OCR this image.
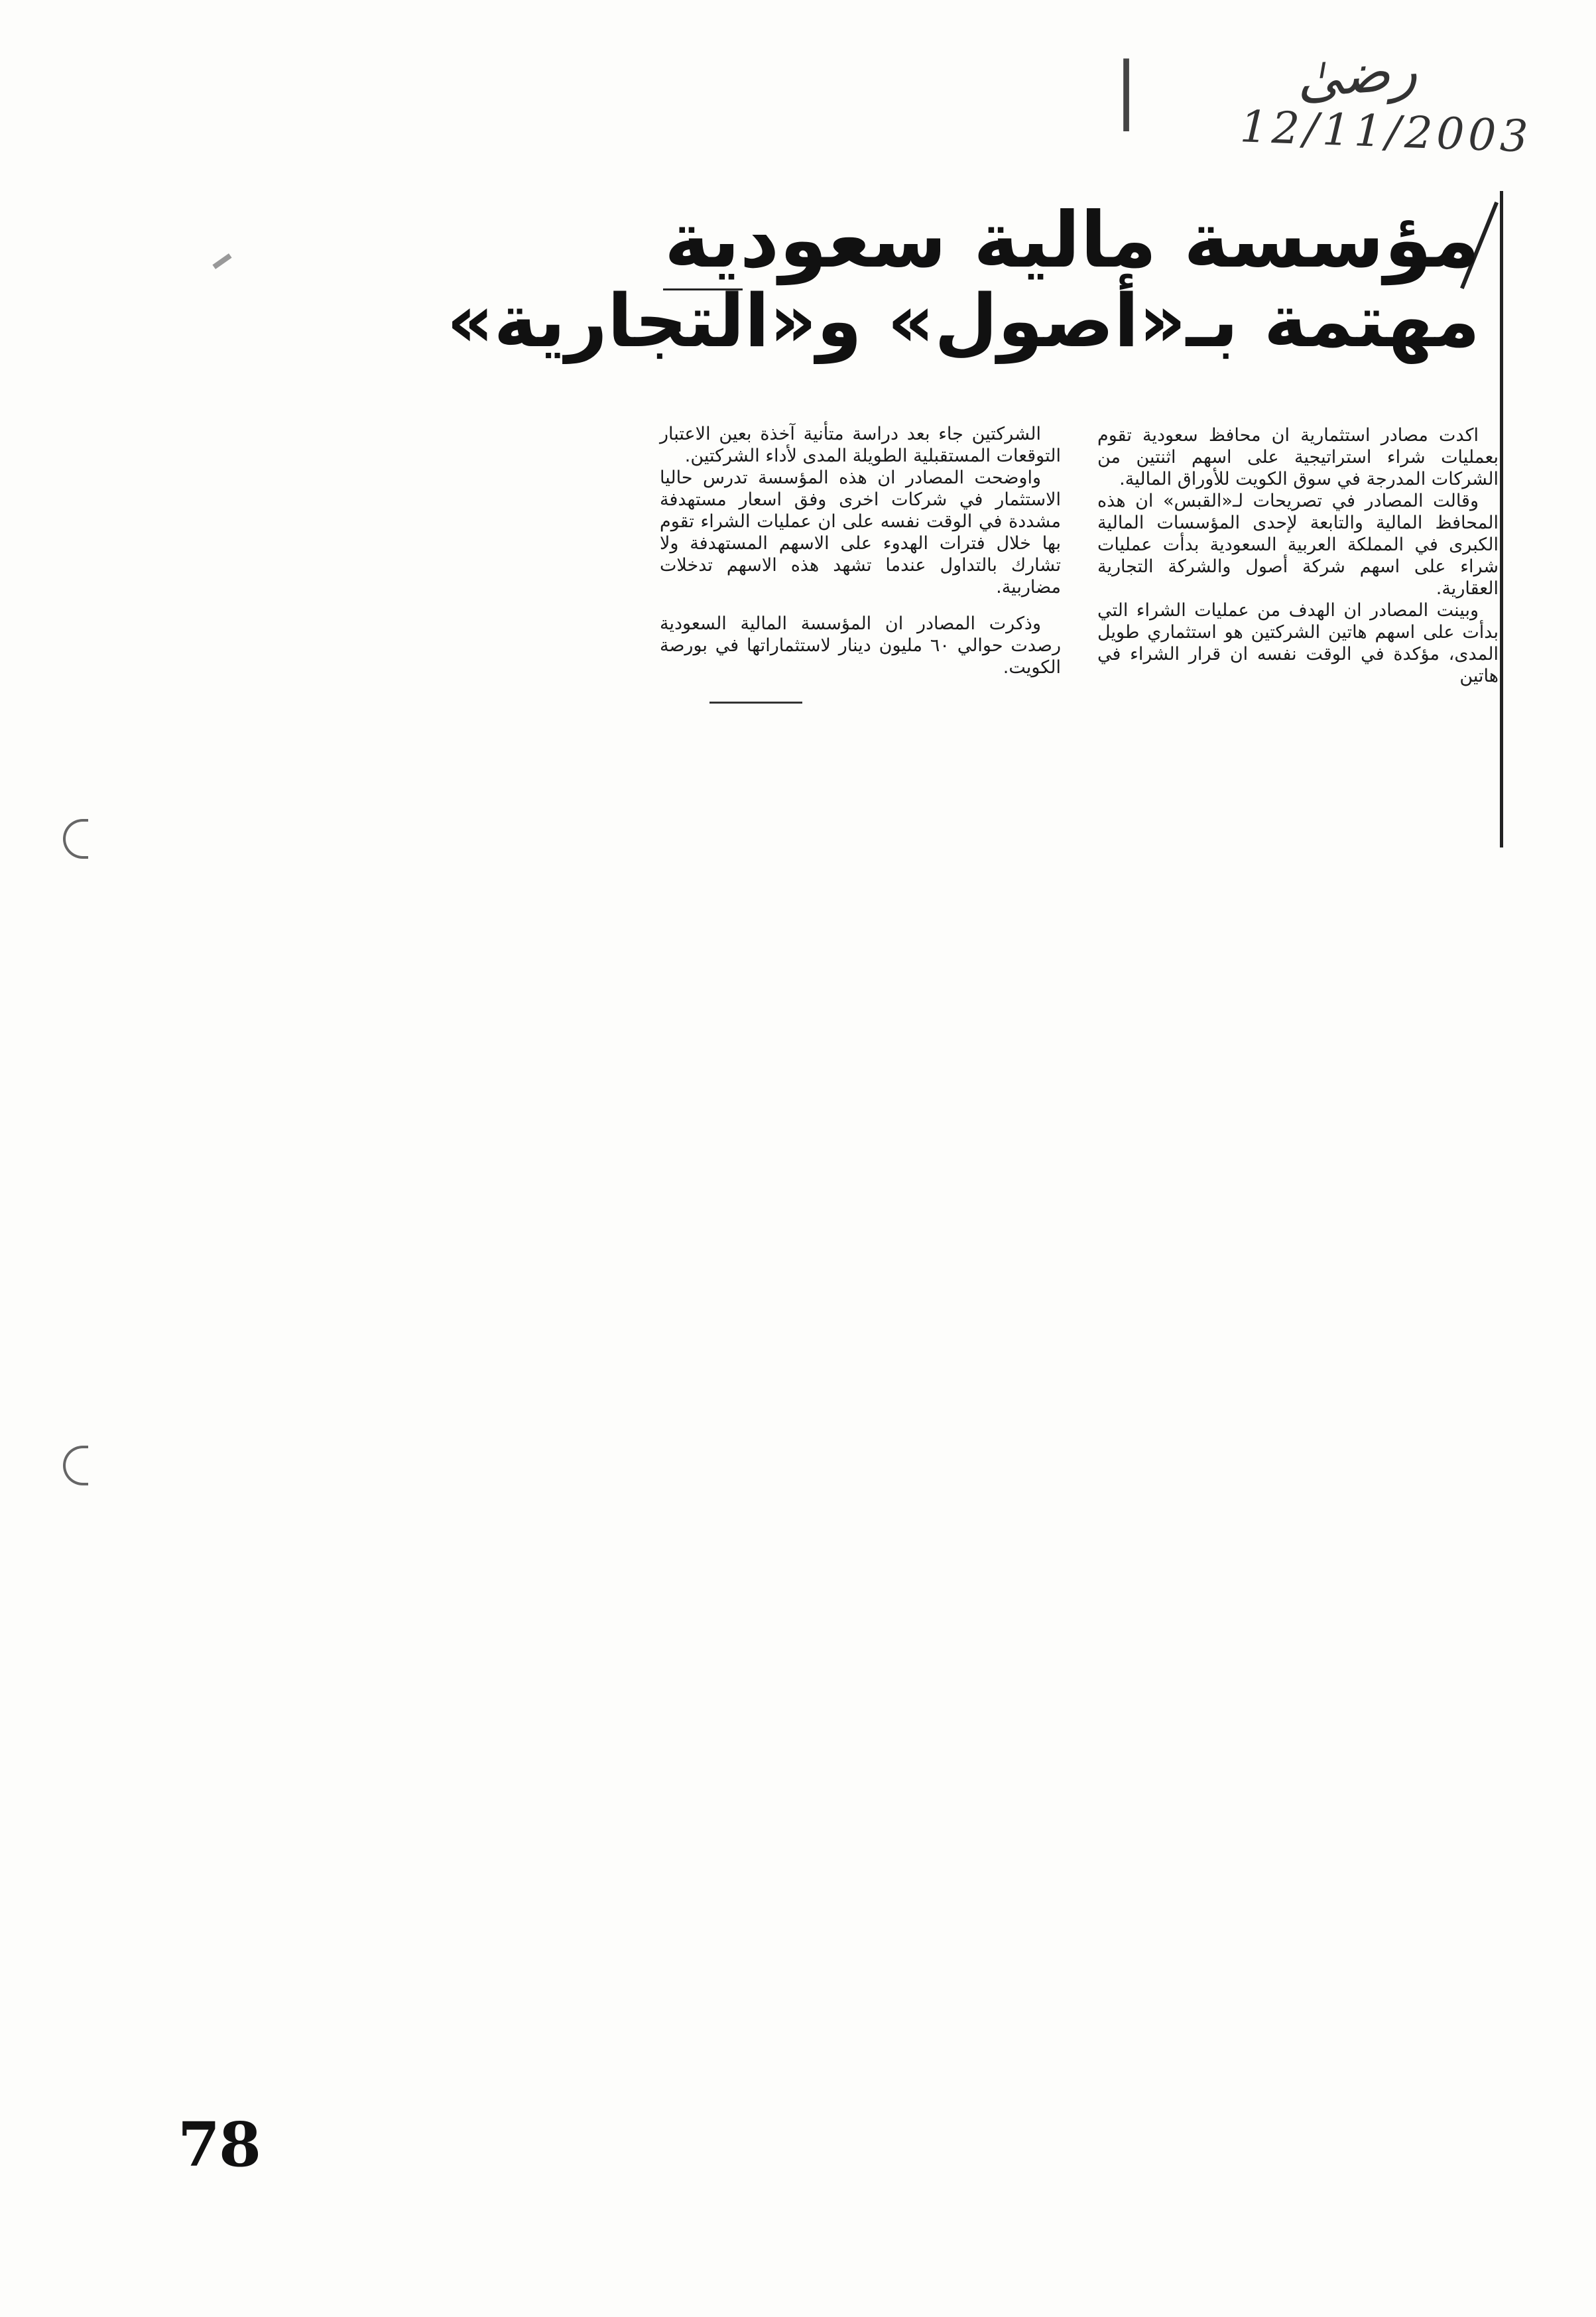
رضىٰ
12/11/2003
|
مؤسسة مالية سعودية
مهتمة بـ«أصول» و«التجارية»

اكدت مصادر استثمارية ان محافظ سعودية تقوم بعمليات شراء استراتيجية على اسهم اثنتين من الشركات المدرجة في سوق الكويت للأوراق المالية.

وقالت المصادر في تصريحات لـ«القبس» ان هذه المحافظ المالية والتابعة لإحدى المؤسسات المالية الكبرى في المملكة العربية السعودية بدأت عمليات شراء على اسهم شركة أصول والشركة التجارية العقارية.

وبينت المصادر ان الهدف من عمليات الشراء التي بدأت على اسهم هاتين الشركتين هو استثماري طويل المدى، مؤكدة في الوقت نفسه ان قرار الشراء في هاتين

الشركتين جاء بعد دراسة متأنية آخذة بعين الاعتبار التوقعات المستقبلية الطويلة المدى لأداء الشركتين.

واوضحت المصادر ان هذه المؤسسة تدرس حاليا الاستثمار في شركات اخرى وفق اسعار مستهدفة مشددة في الوقت نفسه على ان عمليات الشراء تقوم بها خلال فترات الهدوء على الاسهم المستهدفة ولا تشارك بالتداول عندما تشهد هذه الاسهم تدخلات مضاربية.

وذكرت المصادر ان المؤسسة المالية السعودية رصدت حوالي ٦٠ مليون دينار لاستثماراتها في بورصة الكويت.

78
